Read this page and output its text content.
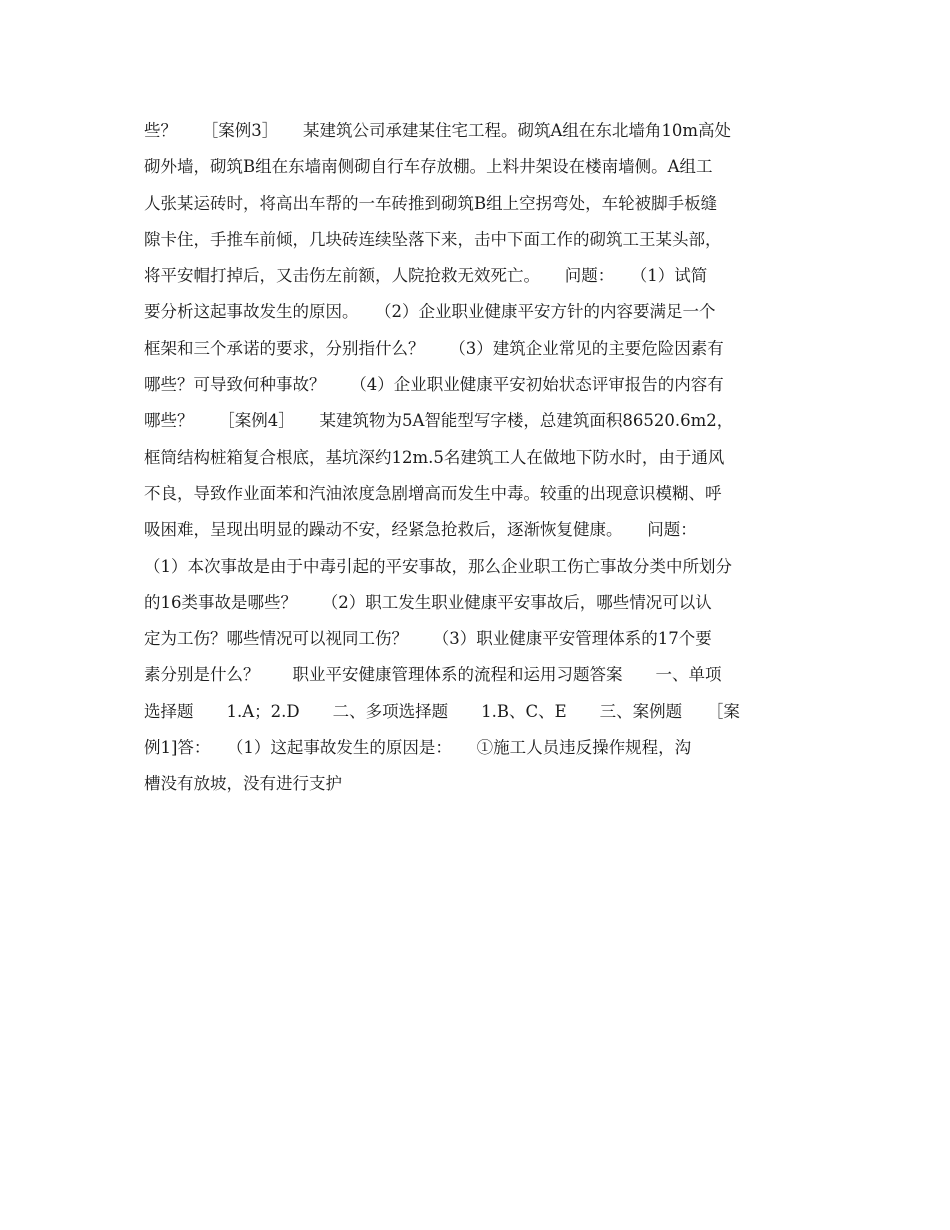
些？　　［案例3］　　某建筑公司承建某住宅工程。砌筑A组在东北墙角10m高处
砌外墙，砌筑B组在东墙南侧砌自行车存放棚。上料井架设在楼南墙侧。A组工
人张某运砖时，将高出车帮的一车砖推到砌筑B组上空拐弯处，车轮被脚手板缝
隙卡住，手推车前倾，几块砖连续坠落下来，击中下面工作的砌筑工王某头部，
将平安帽打掉后，又击伤左前额，人院抢救无效死亡。　　问题：　　（1）试简
要分析这起事故发生的原因。　　（2）企业职业健康平安方针的内容要满足一个
框架和三个承诺的要求，分别指什么？　　（3）建筑企业常见的主要危险因素有
哪些？可导致何种事故？　　（4）企业职业健康平安初始状态评审报告的内容有
哪些？　　［案例4］　　某建筑物为5A智能型写字楼，总建筑面积86520.6m2，
框筒结构桩箱复合根底，基坑深约12m.5名建筑工人在做地下防水时，由于通风
不良，导致作业面苯和汽油浓度急剧增高而发生中毒。较重的出现意识模糊、呼
吸困难，呈现出明显的躁动不安，经紧急抢救后，逐渐恢复健康。　　问题：
（1）本次事故是由于中毒引起的平安事故，那么企业职工伤亡事故分类中所划分
的16类事故是哪些？　　（2）职工发生职业健康平安事故后，哪些情况可以认
定为工伤？哪些情况可以视同工伤？　　（3）职业健康平安管理体系的17个要
素分别是什么？　　职业平安健康管理体系的流程和运用习题答案　　一、单项
选择题　　1.A；2.D　　二、多项选择题　　1.B、C、E　　三、案例题　　［案
例1]答：　　（1）这起事故发生的原因是：　　①施工人员违反操作规程，沟
槽没有放坡，没有进行支护
